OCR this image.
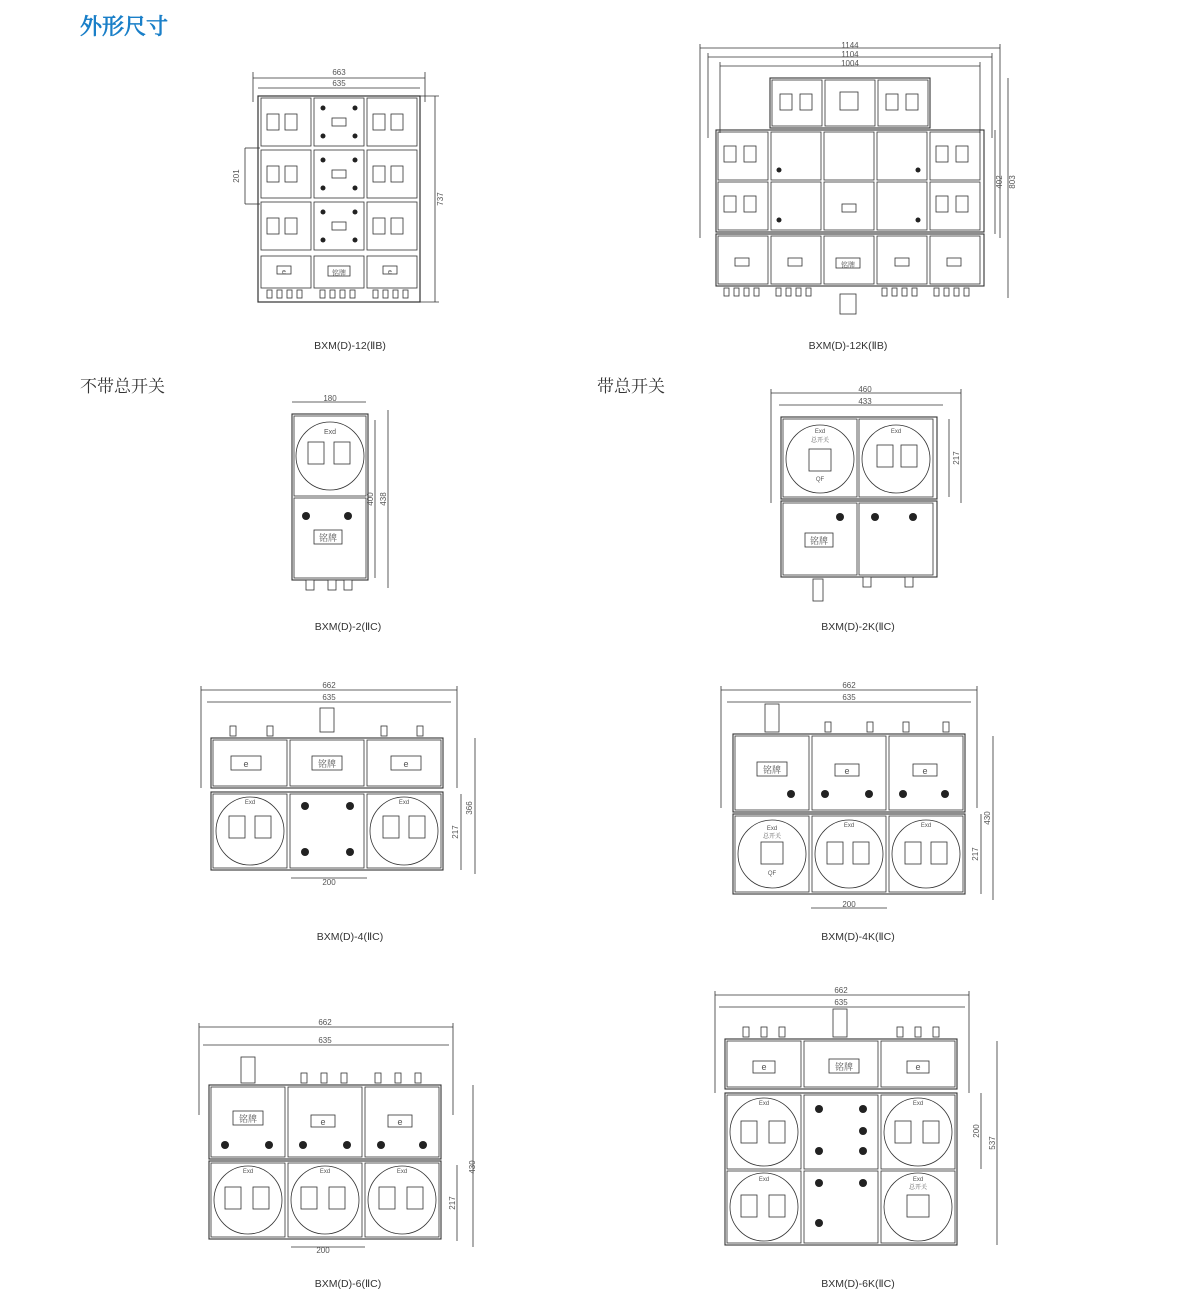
外形尺寸
不带总开关	带总开关
663
635
737
201
铭牌
e	e
BXM(D)-12(ⅡB)
1144
1104
1004
402 803
铭牌
BXM(D)-12K(ⅡB)
180
400 438
Exd
铭牌
BXM(D)-2(ⅡC)
460
433
217
Exd
总开关
QF
Exd
铭牌
BXM(D)-2K(ⅡC)
662
635
366
217
200
铭牌
e	e
Exd	Exd
BXM(D)-4(ⅡC)
662
635
430
217
200
铭牌	e	e
Exd
总开关
QF
Exd	Exd
BXM(D)-4K(ⅡC)
662
635
430
217
200
铭牌	e	e
Exd	Exd	Exd
BXM(D)-6(ⅡC)
662
635
537
200
铭牌
e	e
Exd	Exd
Exd	Exd
总开关
BXM(D)-6K(ⅡC)
